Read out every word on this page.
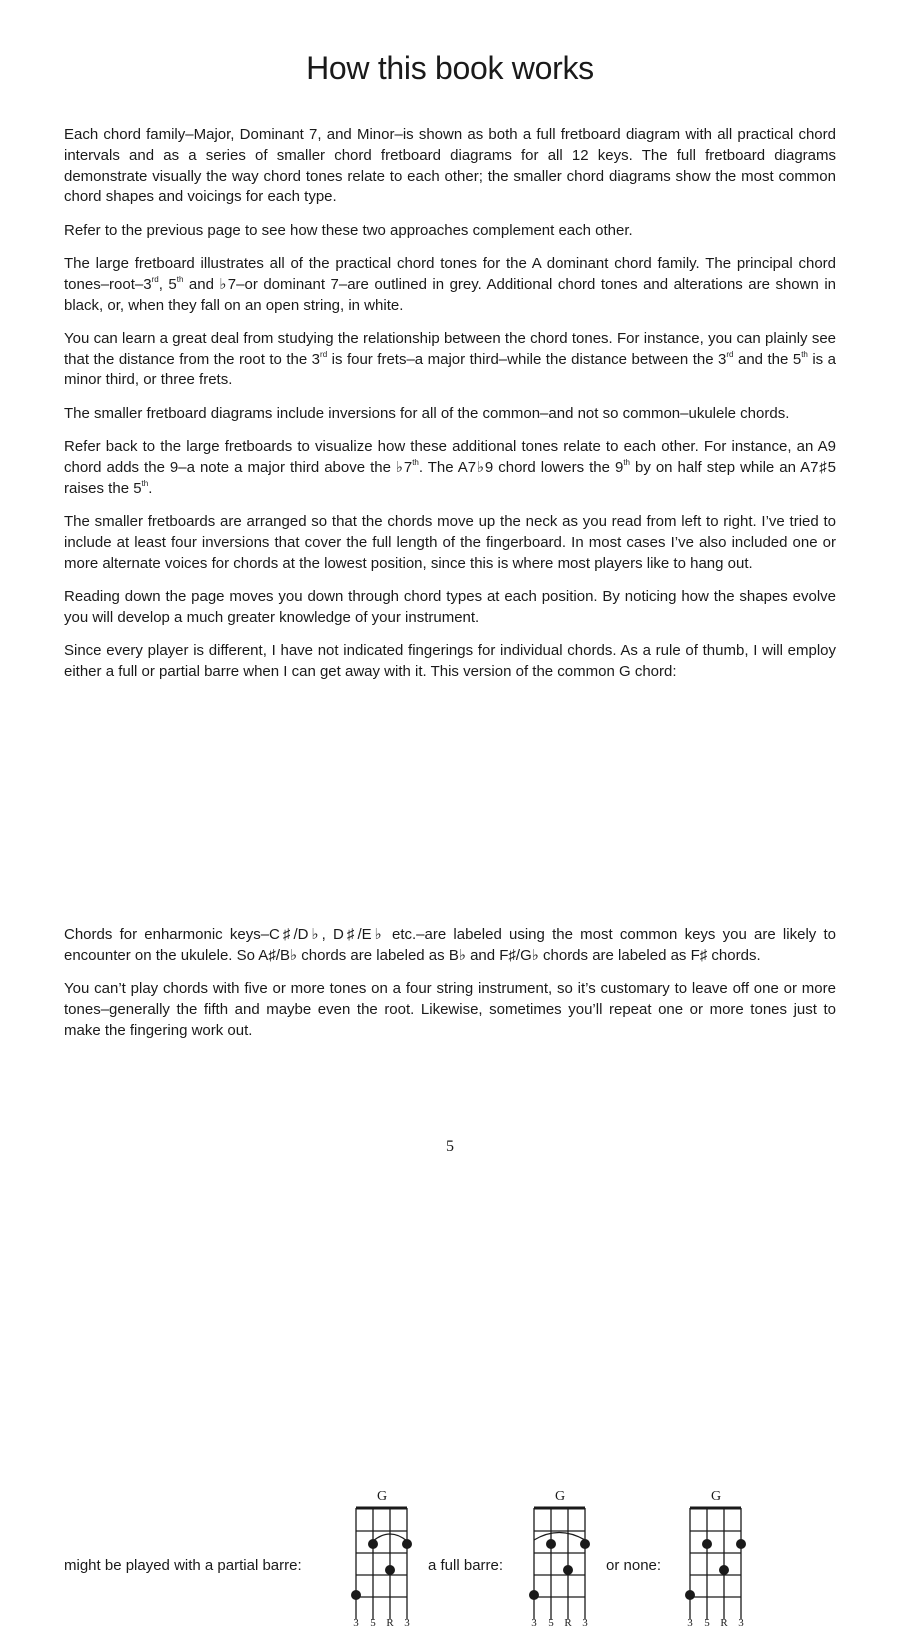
How this book works

Each chord family–Major, Dominant 7, and Minor–is shown as both a full fretboard diagram with all practical chord intervals and as a series of smaller chord fretboard diagrams for all 12 keys. The full fretboard diagrams demonstrate visually the way chord tones relate to each other; the smaller chord diagrams show the most common chord shapes and voicings for each type.

Refer to the previous page to see how these two approaches complement each other.

The large fretboard illustrates all of the practical chord tones for the A dominant chord family. The principal chord tones–root–3rd, 5th and ♭7–or dominant 7–are outlined in grey. Additional chord tones and alterations are shown in black, or, when they fall on an open string, in white.

You can learn a great deal from studying the relationship between the chord tones. For instance, you can plainly see that the distance from the root to the 3rd is four frets–a major third–while the distance between the 3rd and the 5th is a minor third, or three frets.

The smaller fretboard diagrams include inversions for all of the common–and not so common–ukulele chords.

Refer back to the large fretboards to visualize how these additional tones relate to each other. For instance, an A9 chord adds the 9–a note a major third above the ♭7th. The A7♭9 chord lowers the 9th by on half step while an A7♯5 raises the 5th.

The smaller fretboards are arranged so that the chords move up the neck as you read from left to right. I’ve tried to include at least four inversions that cover the full length of the fingerboard. In most cases I’ve also included one or more alternate voices for chords at the lowest position, since this is where most players like to hang out.

Reading down the page moves you down through chord types at each position. By noticing how the shapes evolve you will develop a much greater knowledge of your instrument.

Since every player is different, I have not indicated fingerings for individual chords. As a rule of thumb, I will employ either a full or partial barre when I can get away with it. This version of the common G chord:

might be played with a partial barre:
G
3 5 R 3
a full barre:
G
3 5 R 3
or none:
G
3 5 R 3

Chords for enharmonic keys–C♯/D♭, D♯/E♭ etc.–are labeled using the most common keys you are likely to encounter on the ukulele. So A♯/B♭ chords are labeled as B♭ and F♯/G♭ chords are labeled as F♯ chords.

You can’t play chords with five or more tones on a four string instrument, so it’s customary to leave off one or more tones–generally the fifth and maybe even the root. Likewise, sometimes you’ll repeat one or more tones just to make the fingering work out.

5
